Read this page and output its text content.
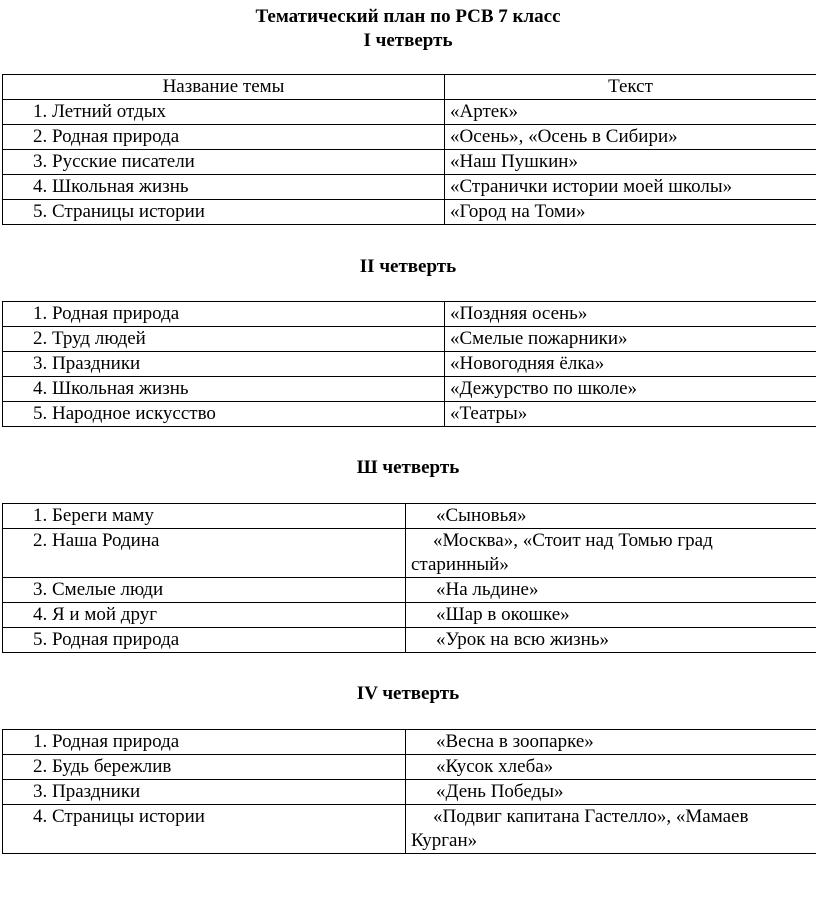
Тематический план по РСВ 7 класс
I четверть
Название темы	Текст
1. Летний отдых	«Артек»
2. Родная природа	«Осень», «Осень в Сибири»
3. Русские писатели	«Наш Пушкин»
4. Школьная жизнь	«Странички истории моей школы»
5. Страницы истории	«Город на Томи»
II четверть
1. Родная природа	«Поздняя осень»
2. Труд людей	«Смелые пожарники»
3. Праздники	«Новогодняя ёлка»
4. Школьная жизнь	«Дежурство по школе»
5. Народное искусство	«Театры»
Ш четверть
1. Береги маму	«Сыновья»
2. Наша Родина	«Москва», «Стоит над Томью град старинный»
3. Смелые люди	«На льдине»
4. Я и мой друг	«Шар в окошке»
5. Родная природа	«Урок на всю жизнь»
IV четверть
1. Родная природа	«Весна в зоопарке»
2. Будь бережлив	«Кусок хлеба»
3. Праздники	«День Победы»
4. Страницы истории	«Подвиг капитана Гастелло», «Мамаев Курган»
